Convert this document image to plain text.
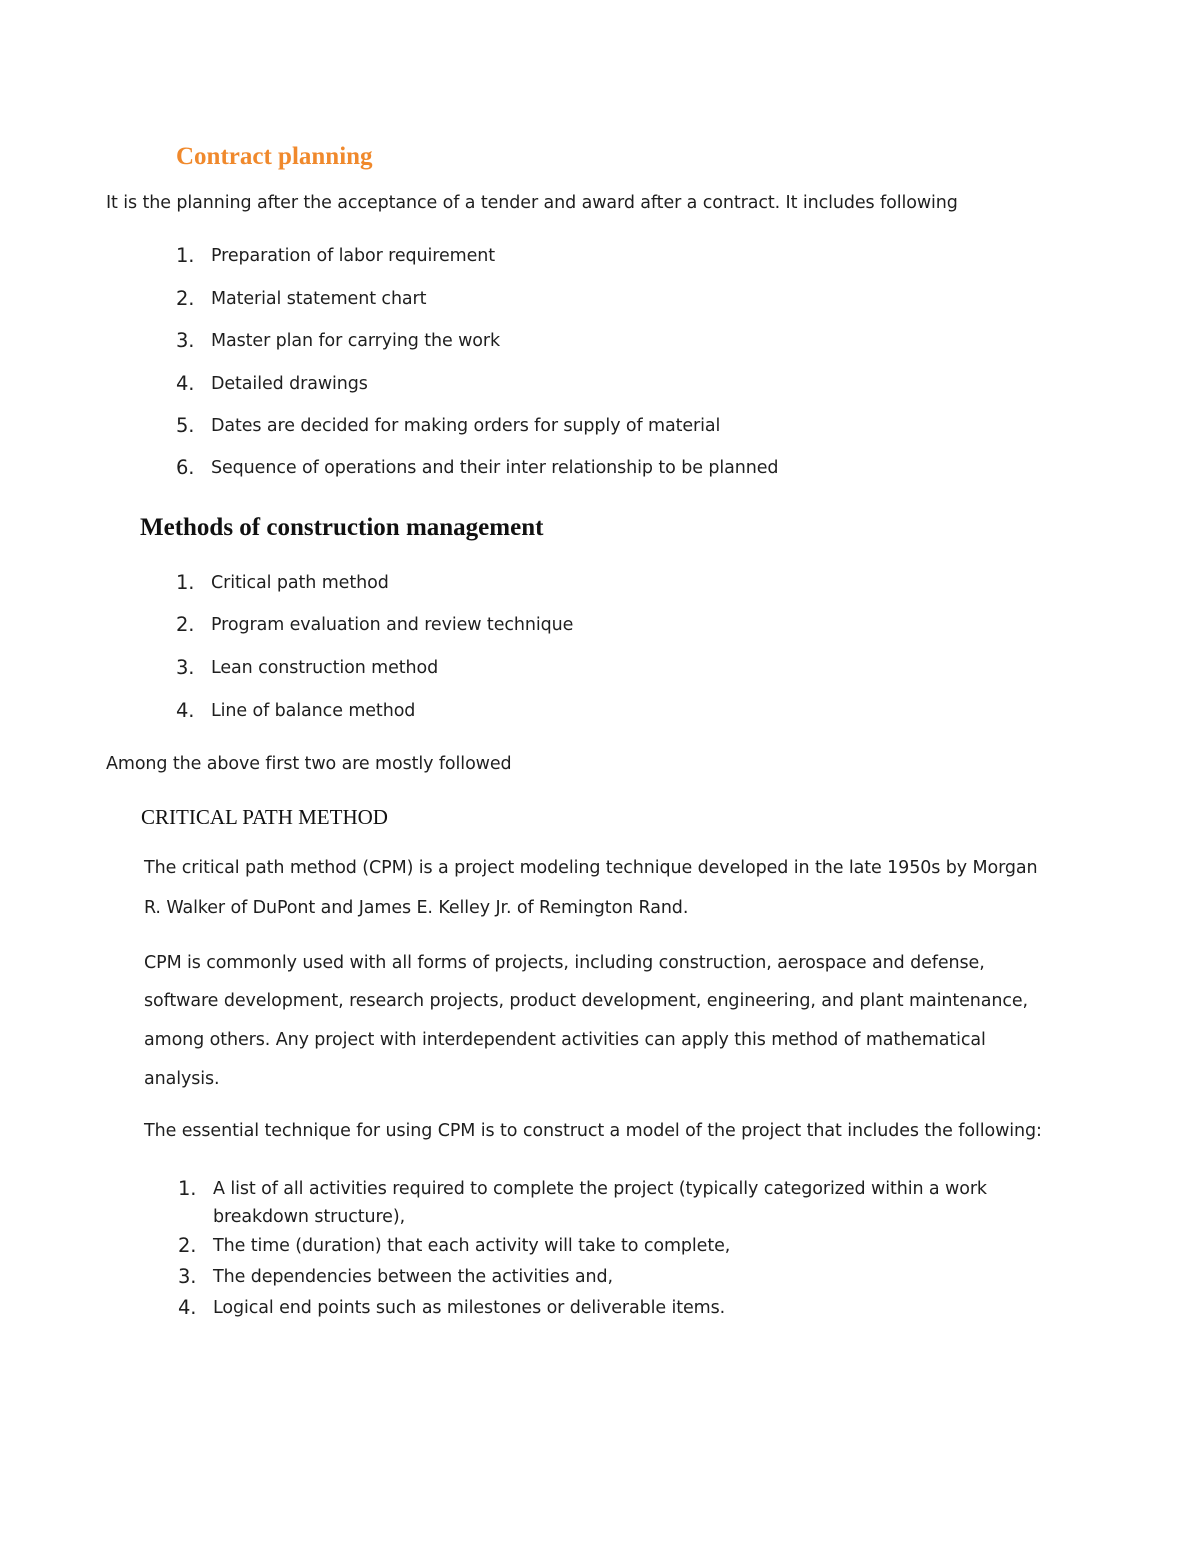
Contract planning
It is the planning after the acceptance of a tender and award after a contract. It includes following
1. Preparation of labor requirement
2. Material statement chart
3. Master plan for carrying the work
4. Detailed drawings
5. Dates are decided for making orders for supply of material
6. Sequence of operations and their inter relationship to be planned
Methods of construction management
1. Critical path method
2. Program evaluation and review technique
3. Lean construction method
4. Line of balance method
Among the above first two are mostly followed
CRITICAL PATH METHOD
The critical path method (CPM) is a project modeling technique developed in the late 1950s by Morgan
R. Walker of DuPont and James E. Kelley Jr. of Remington Rand.
CPM is commonly used with all forms of projects, including construction, aerospace and defense,
software development, research projects, product development, engineering, and plant maintenance,
among others. Any project with interdependent activities can apply this method of mathematical
analysis.
The essential technique for using CPM is to construct a model of the project that includes the following:
1. A list of all activities required to complete the project (typically categorized within a work
breakdown structure),
2. The time (duration) that each activity will take to complete,
3. The dependencies between the activities and,
4. Logical end points such as milestones or deliverable items.
